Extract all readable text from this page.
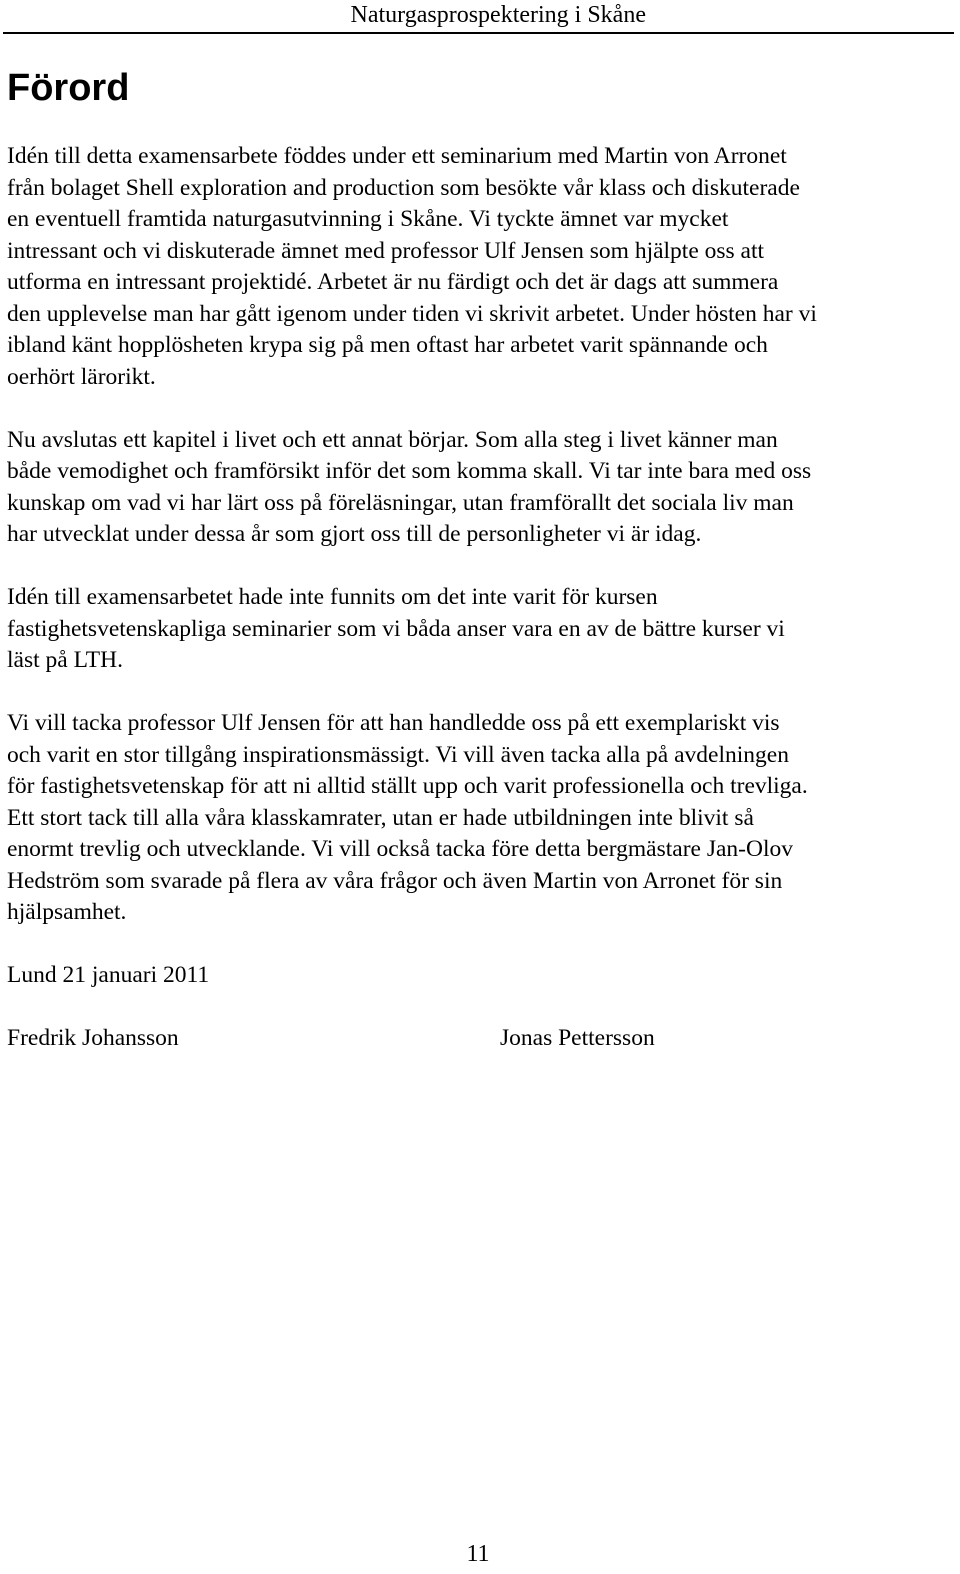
Naturgasprospektering i Skåne
Förord

Idén till detta examensarbete föddes under ett seminarium med Martin von Arronet
från bolaget Shell exploration and production som besökte vår klass och diskuterade
en eventuell framtida naturgasutvinning i Skåne. Vi tyckte ämnet var mycket
intressant och vi diskuterade ämnet med professor Ulf Jensen som hjälpte oss att
utforma en intressant projektidé. Arbetet är nu färdigt och det är dags att summera
den upplevelse man har gått igenom under tiden vi skrivit arbetet. Under hösten har vi
ibland känt hopplösheten krypa sig på men oftast har arbetet varit spännande och
oerhört lärorikt.

Nu avslutas ett kapitel i livet och ett annat börjar. Som alla steg i livet känner man
både vemodighet och framförsikt inför det som komma skall. Vi tar inte bara med oss
kunskap om vad vi har lärt oss på föreläsningar, utan framförallt det sociala liv man
har utvecklat under dessa år som gjort oss till de personligheter vi är idag.

Idén till examensarbetet hade inte funnits om det inte varit för kursen
fastighetsvetenskapliga seminarier som vi båda anser vara en av de bättre kurser vi
läst på LTH.

Vi vill tacka professor Ulf Jensen för att han handledde oss på ett exemplariskt vis
och varit en stor tillgång inspirationsmässigt. Vi vill även tacka alla på avdelningen
för fastighetsvetenskap för att ni alltid ställt upp och varit professionella och trevliga.
Ett stort tack till alla våra klasskamrater, utan er hade utbildningen inte blivit så
enormt trevlig och utvecklande. Vi vill också tacka före detta bergmästare Jan-Olov
Hedström som svarade på flera av våra frågor och även Martin von Arronet för sin
hjälpsamhet.

Lund 21 januari 2011

Fredrik Johansson	Jonas Pettersson
11
